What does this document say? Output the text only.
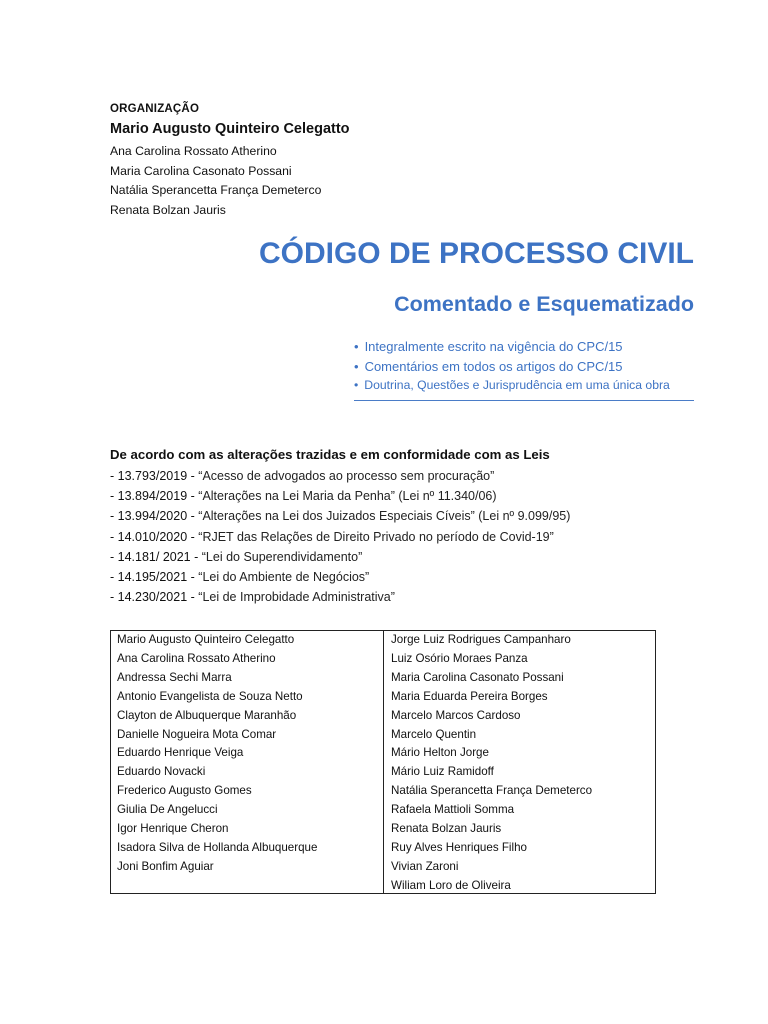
ORGANIZAÇÃO

Mario Augusto Quinteiro Celegatto

Ana Carolina Rossato Atherino

Maria Carolina Casonato Possani

Natália Sperancetta França Demeterco

Renata Bolzan Jauris

CÓDIGO DE PROCESSO CIVIL
Comentado e Esquematizado

• Integralmente escrito na vigência do CPC/15

• Comentários em todos os artigos do CPC/15

• Doutrina, Questões e Jurisprudência em uma única obra

De acordo com as alterações trazidas e em conformidade com as Leis

- 13.793/2019 - “Acesso de advogados ao processo sem procuração”

- 13.894/2019 - “Alterações na Lei Maria da Penha” (Lei nº 11.340/06)

- 13.994/2020 - “Alterações na Lei dos Juizados Especiais Cíveis” (Lei nº 9.099/95)

- 14.010/2020 - “RJET das Relações de Direito Privado no período de Covid-19”

- 14.181/ 2021 - “Lei do Superendividamento”

- 14.195/2021 - “Lei do Ambiente de Negócios”

- 14.230/2021 - “Lei de Improbidade Administrativa”

Mario Augusto Quinteiro Celegatto

Ana Carolina Rossato Atherino

Andressa Sechi Marra

Antonio Evangelista de Souza Netto

Clayton de Albuquerque Maranhão

Danielle Nogueira Mota Comar

Eduardo Henrique Veiga

Eduardo Novacki

Frederico Augusto Gomes

Giulia De Angelucci

Igor Henrique Cheron

Isadora Silva de Hollanda Albuquerque

Joni Bonfim Aguiar

Jorge Luiz Rodrigues Campanharo

Luiz Osório Moraes Panza

Maria Carolina Casonato Possani

Maria Eduarda Pereira Borges

Marcelo Marcos Cardoso

Marcelo Quentin

Mário Helton Jorge

Mário Luiz Ramidoff

Natália Sperancetta França Demeterco

Rafaela Mattioli Somma

Renata Bolzan Jauris

Ruy Alves Henriques Filho

Vivian Zaroni

Wiliam Loro de Oliveira
